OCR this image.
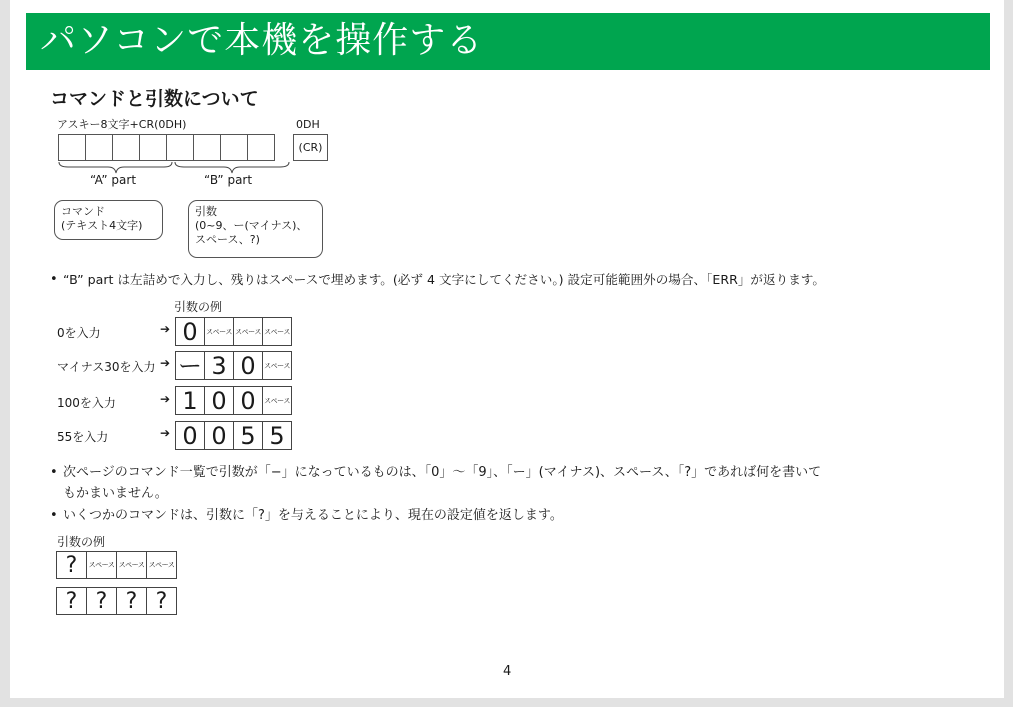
パソコンで本機を操作する
コマンドと引数について
アスキー8文字+CR(0DH)	0DH
(CR)
“A” part	“B” part
コマンド
(テキスト4文字)
引数
(0~9、ー(マイナス)、
スペース、?)
• “B” part は左詰めで入力し、残りはスペースで埋めます。(必ず 4 文字にしてください。) 設定可能範囲外の場合、「ERR」が返ります。
引数の例
0を入力	➔ 0	スペース スペース スペース
マイナス30を入力 ➔ ー 3 0	スペース
100を入力	➔ 1 0 0	スペース
55を入力	➔ 0 0 5 5
• 次ページのコマンド一覧で引数が「−」になっているものは、「0」〜「9」、「ー」(マイナス)、スペース、「?」であれば何を書いて
もかまいません。
• いくつかのコマンドは、引数に「?」を与えることにより、現在の設定値を返します。
引数の例
?	スペース スペース スペース
? ? ? ?
4
